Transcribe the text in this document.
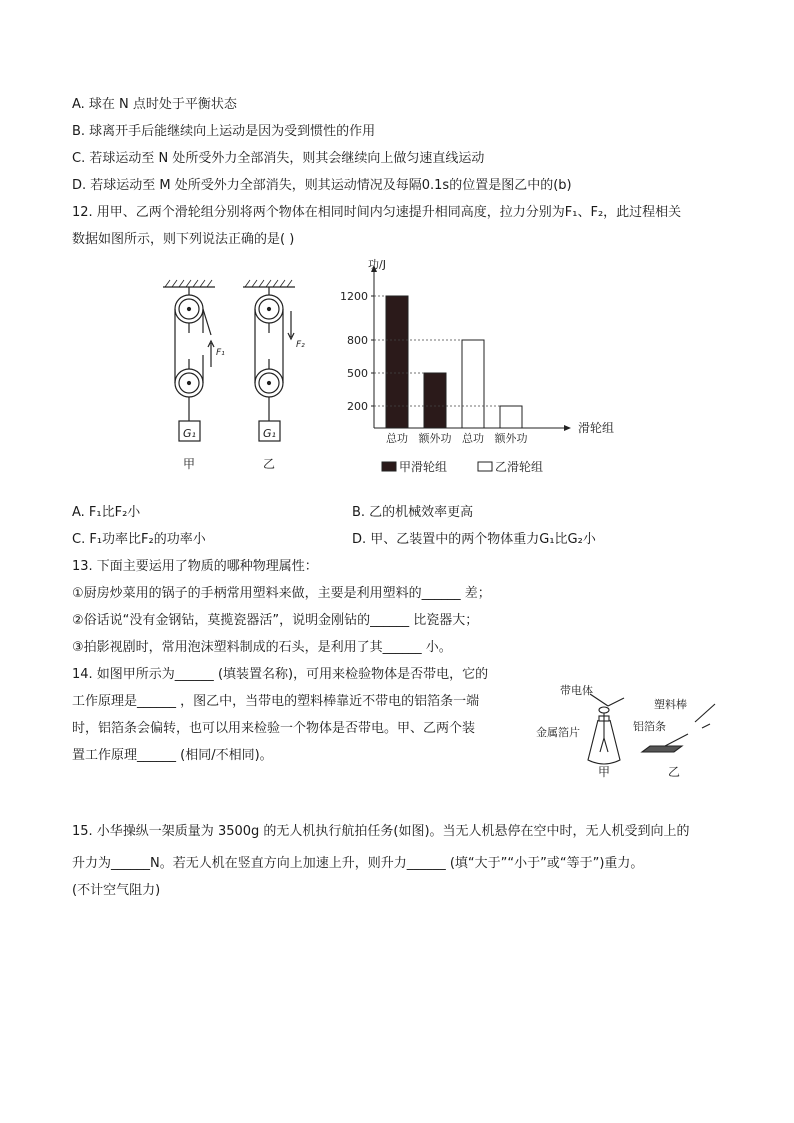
A. 球在 N 点时处于平衡状态
B. 球离开手后能继续向上运动是因为受到惯性的作用
C. 若球运动至 N 处所受外力全部消失，则其会继续向上做匀速直线运动
D. 若球运动至 M 处所受外力全部消失，则其运动情况及每隔0.1s的位置是图乙中的(b)
12. 用甲、乙两个滑轮组分别将两个物体在相同时间内匀速提升相同高度，拉力分别为F₁、F₂，此过程相关
数据如图所示，则下列说法正确的是( )
F₁
G₁
甲
F₂
G₁
乙
功/J
滑轮组
200
500
800
1200
总功 额外功 总功 额外功
甲滑轮组	乙滑轮组
A. F₁比F₂小	B. 乙的机械效率更高
C. F₁功率比F₂的功率小	D. 甲、乙装置中的两个物体重力G₁比G₂小
13. 下面主要运用了物质的哪种物理属性：
①厨房炒菜用的锅子的手柄常用塑料来做，主要是利用塑料的______ 差；
②俗话说“没有金钢钻，莫揽瓷器活”，说明金刚钻的______ 比瓷器大；
③拍影视剧时，常用泡沫塑料制成的石头，是利用了其______ 小。
14. 如图甲所示为______ (填装置名称)，可用来检验物体是否带电，它的
工作原理是______ ，图乙中，当带电的塑料棒靠近不带电的铝箔条一端
时，铝箔条会偏转，也可以用来检验一个物体是否带电。甲、乙两个装
置工作原理______ (相同/不相同)。
带电体
金属箔片
甲
塑料棒
铝箔条
乙
15. 小华操纵一架质量为 3500g 的无人机执行航拍任务(如图)。当无人机悬停在空中时，无人机受到向上的
升力为______N。若无人机在竖直方向上加速上升，则升力______ (填“大于”“小于”或“等于”)重力。
(不计空气阻力)
